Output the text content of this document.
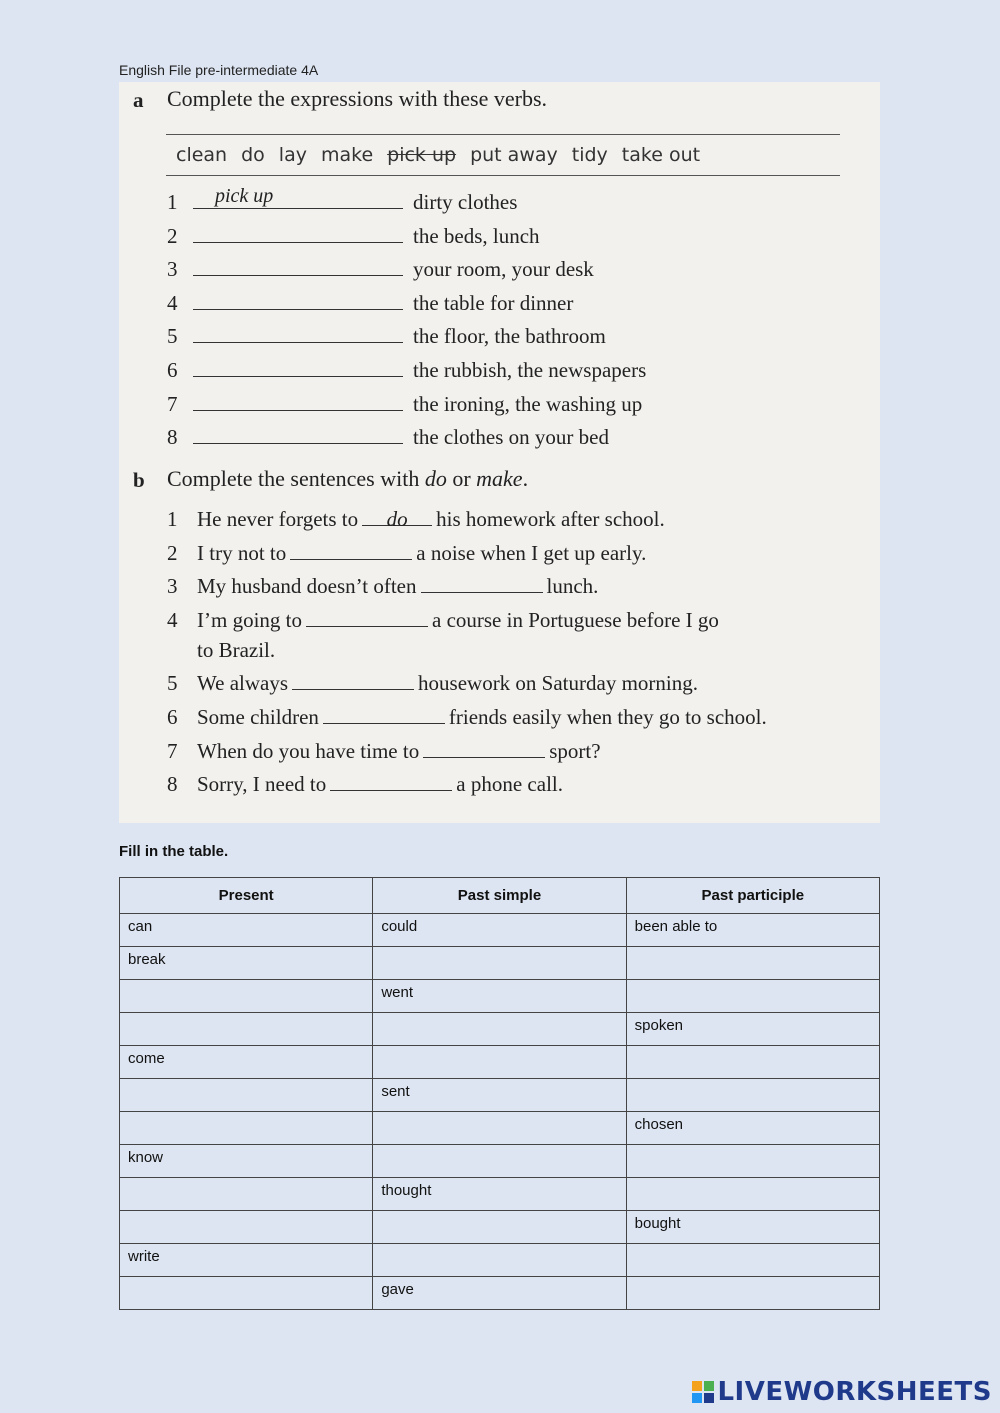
English File pre-intermediate 4A
a Complete the expressions with these verbs.
clean do lay make pick up put away tidy take out
1	pick up	dirty clothes
2	the beds, lunch
3	your room, your desk
4	the table for dinner
5	the floor, the bathroom
6	the rubbish, the newspapers
7	the ironing, the washing up
8	the clothes on your bed
b Complete the sentences with do or make.
1 He never forgets to do his homework after school.
2 I try not to	a noise when I get up early.
3 My husband doesn’t often	lunch.
4 I’m going to	a course in Portuguese before I go
to Brazil.
5 We always	housework on Saturday morning.
6 Some children	friends easily when they go to school.
7 When do you have time to	sport?
8 Sorry, I need to	a phone call.
Fill in the table.
Present	Past simple	Past participle
can	could	been able to
break		
	went	
		spoken
come		
	sent	
		chosen
know		
	thought	
		bought
write		
	gave	
LIVEWORKSHEETS
